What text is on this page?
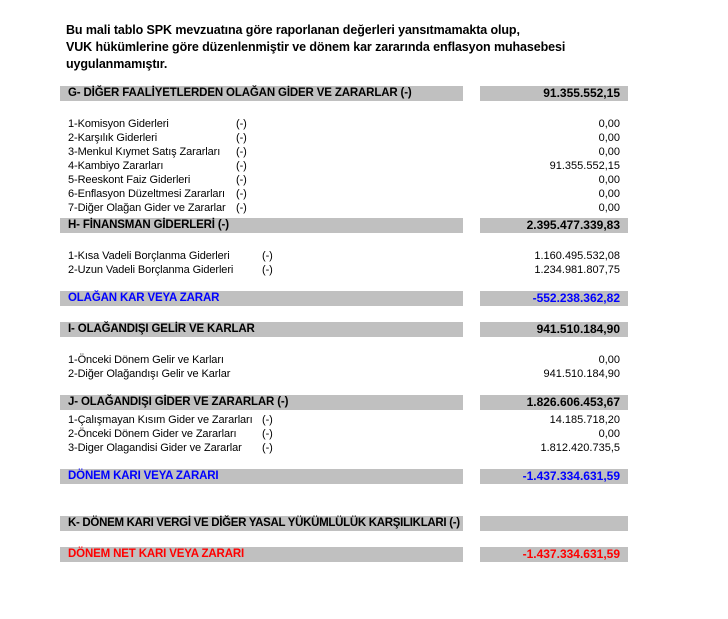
Bu mali tablo SPK mevzuatına göre raporlanan değerleri yansıtmamakta olup,
VUK hükümlerine göre düzenlenmiştir ve dönem kar zararında enflasyon muhasebesi
uygulanmamıştır.
G- DİĞER FAALİYETLERDEN OLAĞAN GİDER VE ZARARLAR (-)	91.355.552,15
1-Komisyon Giderleri	(-)	0,00
2-Karşılık Giderleri	(-)	0,00
3-Menkul Kıymet Satış Zararları (-)	0,00
4-Kambiyo Zararları	(-)	91.355.552,15
5-Reeskont Faiz Giderleri	(-)	0,00
6-Enflasyon Düzeltmesi Zararları (-)	0,00
7-Diğer Olağan Gider ve Zararlar (-)	0,00
H- FİNANSMAN GİDERLERİ (-)	2.395.477.339,83
1-Kısa Vadeli Borçlanma Giderleri	(-)	1.160.495.532,08
2-Uzun Vadeli Borçlanma Giderleri	(-)	1.234.981.807,75
OLAĞAN KAR VEYA ZARAR	-552.238.362,82
I- OLAĞANDIŞI GELİR VE KARLAR	941.510.184,90
1-Önceki Dönem Gelir ve Karları	0,00
2-Diğer Olağandışı Gelir ve Karlar	941.510.184,90
J- OLAĞANDIŞI GİDER VE ZARARLAR (-)	1.826.606.453,67
1-Çalışmayan Kısım Gider ve Zararları (-)	14.185.718,20
2-Önceki Dönem Gider ve Zararları (-)	0,00
3-Diger Olagandisi Gider ve Zararlar (-)	1.812.420.735,5
DÖNEM KARI VEYA ZARARI	-1.437.334.631,59
K- DÖNEM KARI VERGİ VE DİĞER YASAL YÜKÜMLÜLÜK KARŞILIKLARI (-)
DÖNEM NET KARI VEYA ZARARI	-1.437.334.631,59
